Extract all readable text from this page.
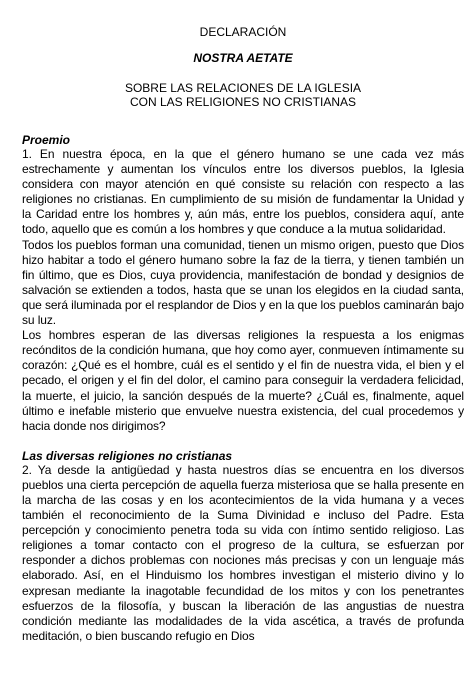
DECLARACIÓN
NOSTRA AETATE
SOBRE LAS RELACIONES DE LA IGLESIA
CON LAS RELIGIONES NO CRISTIANAS
Proemio

1. En nuestra época, en la que el género humano se une cada vez más estrechamente y aumentan los vínculos entre los diversos pueblos, la Iglesia considera con mayor atención en qué consiste su relación con respecto a las religiones no cristianas. En cumplimiento de su misión de fundamentar la Unidad y la Caridad entre los hombres y, aún más, entre los pueblos, considera aquí, ante todo, aquello que es común a los hombres y que conduce a la mutua solidaridad.

Todos los pueblos forman una comunidad, tienen un mismo origen, puesto que Dios hizo habitar a todo el género humano sobre la faz de la tierra, y tienen también un fin último, que es Dios, cuya providencia, manifestación de bondad y designios de salvación se extienden a todos, hasta que se unan los elegidos en la ciudad santa, que será iluminada por el resplandor de Dios y en la que los pueblos caminarán bajo su luz.

Los hombres esperan de las diversas religiones la respuesta a los enigmas recónditos de la condición humana, que hoy como ayer, conmueven íntimamente su corazón: ¿Qué es el hombre, cuál es el sentido y el fin de nuestra vida, el bien y el pecado, el origen y el fin del dolor, el camino para conseguir la verdadera felicidad, la muerte, el juicio, la sanción después de la muerte? ¿Cuál es, finalmente, aquel último e inefable misterio que envuelve nuestra existencia, del cual procedemos y hacia donde nos dirigimos?

Las diversas religiones no cristianas

2. Ya desde la antigüedad y hasta nuestros días se encuentra en los diversos pueblos una cierta percepción de aquella fuerza misteriosa que se halla presente en la marcha de las cosas y en los acontecimientos de la vida humana y a veces también el reconocimiento de la Suma Divinidad e incluso del Padre. Esta percepción y conocimiento penetra toda su vida con íntimo sentido religioso. Las religiones a tomar contacto con el progreso de la cultura, se esfuerzan por responder a dichos problemas con nociones más precisas y con un lenguaje más elaborado. Así, en el Hinduismo los hombres investigan el misterio divino y lo expresan mediante la inagotable fecundidad de los mitos y con los penetrantes esfuerzos de la filosofía, y buscan la liberación de las angustias de nuestra condición mediante las modalidades de la vida ascética, a través de profunda meditación, o bien buscando refugio en Dios
